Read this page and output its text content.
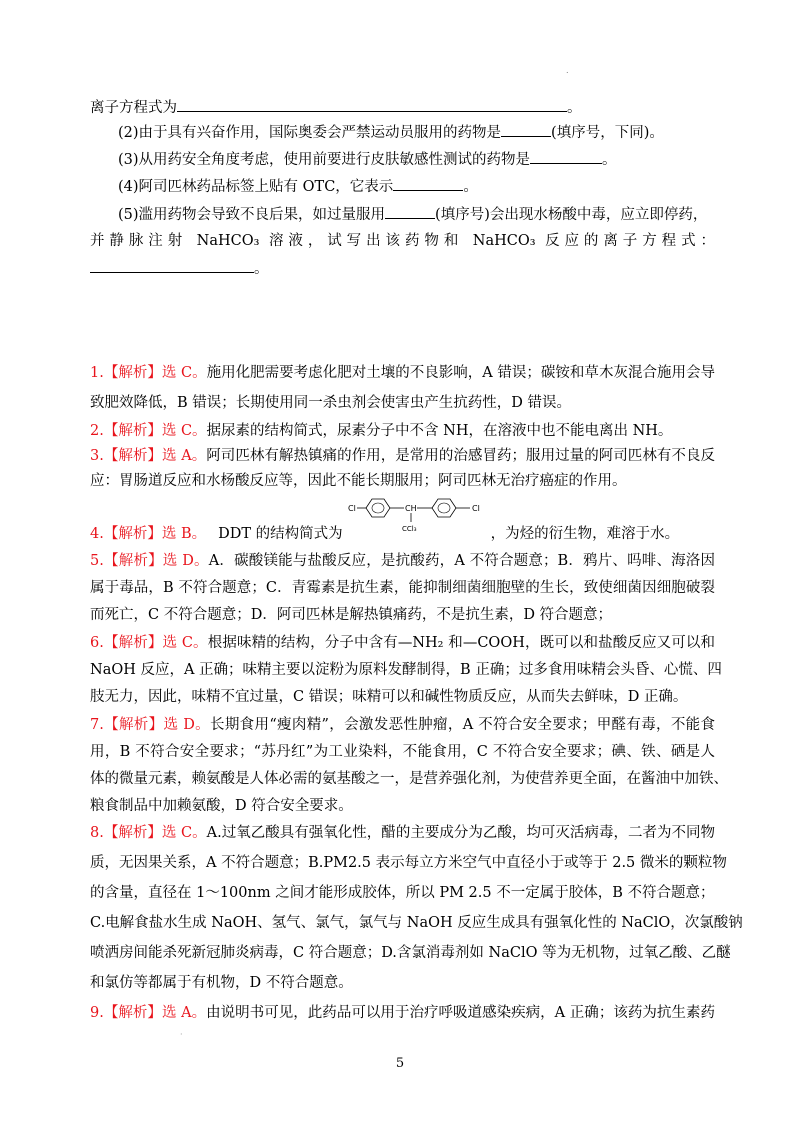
.
离子方程式为	。
(2)由于具有兴奋作用，国际奥委会严禁运动员服用的药物是	(填序号，下同)。
(3)从用药安全角度考虑，使用前要进行皮肤敏感性测试的药物是	。
(4)阿司匹林药品标签上贴有 OTC，它表示	。
(5)滥用药物会导致不良后果，如过量服用	(填序号)会出现水杨酸中毒，应立即停药，
并静脉注射 NaHCO₃ 溶液，试写出该药物和 NaHCO₃ 反应的离子方程式：
。
1.【解析】选 C。施用化肥需要考虑化肥对土壤的不良影响，A 错误；碳铵和草木灰混合施用会导
致肥效降低，B 错误；长期使用同一杀虫剂会使害虫产生抗药性，D 错误。
2.【解析】选 C。据尿素的结构简式，尿素分子中不含 NH，在溶液中也不能电离出 NH。
3.【解析】选 A。阿司匹林有解热镇痛的作用，是常用的治感冒药；服用过量的阿司匹林有不良反
应：胃肠道反应和水杨酸反应等，因此不能长期服用；阿司匹林无治疗癌症的作用。
Cl	CH
CCl₃
Cl
4.【解析】选 B。 DDT 的结构简式为	，为烃的衍生物，难溶于水。
5.【解析】选 D。A．碳酸镁能与盐酸反应，是抗酸药，A 不符合题意；B．鸦片、吗啡、海洛因
属于毒品，B 不符合题意；C．青霉素是抗生素，能抑制细菌细胞壁的生长，致使细菌因细胞破裂
而死亡，C 不符合题意；D．阿司匹林是解热镇痛药，不是抗生素，D 符合题意；
6.【解析】选 C。根据味精的结构，分子中含有—NH₂ 和—COOH，既可以和盐酸反应又可以和
NaOH 反应，A 正确；味精主要以淀粉为原料发酵制得，B 正确；过多食用味精会头昏、心慌、四
肢无力，因此，味精不宜过量，C 错误；味精可以和碱性物质反应，从而失去鲜味，D 正确。
7.【解析】选 D。长期食用“瘦肉精”，会激发恶性肿瘤，A 不符合安全要求；甲醛有毒，不能食
用，B 不符合安全要求；“苏丹红”为工业染料，不能食用，C 不符合安全要求；碘、铁、硒是人
体的微量元素，赖氨酸是人体必需的氨基酸之一，是营养强化剂，为使营养更全面，在酱油中加铁、
粮食制品中加赖氨酸，D 符合安全要求。
8.【解析】选 C。A.过氧乙酸具有强氧化性，醋的主要成分为乙酸，均可灭活病毒，二者为不同物
质，无因果关系，A 不符合题意；B.PM2.5 表示每立方米空气中直径小于或等于 2.5 微米的颗粒物
的含量，直径在 1～100nm 之间才能形成胶体，所以 PM 2.5 不一定属于胶体，B 不符合题意；
C.电解食盐水生成 NaOH、氢气、氯气，氯气与 NaOH 反应生成具有强氧化性的 NaClO，次氯酸钠
喷洒房间能杀死新冠肺炎病毒，C 符合题意；D.含氯消毒剂如 NaClO 等为无机物，过氧乙酸、乙醚
和氯仿等都属于有机物，D 不符合题意。
9.【解析】选 A。由说明书可见，此药品可以用于治疗呼吸道感染疾病，A 正确；该药为抗生素药
·
5
